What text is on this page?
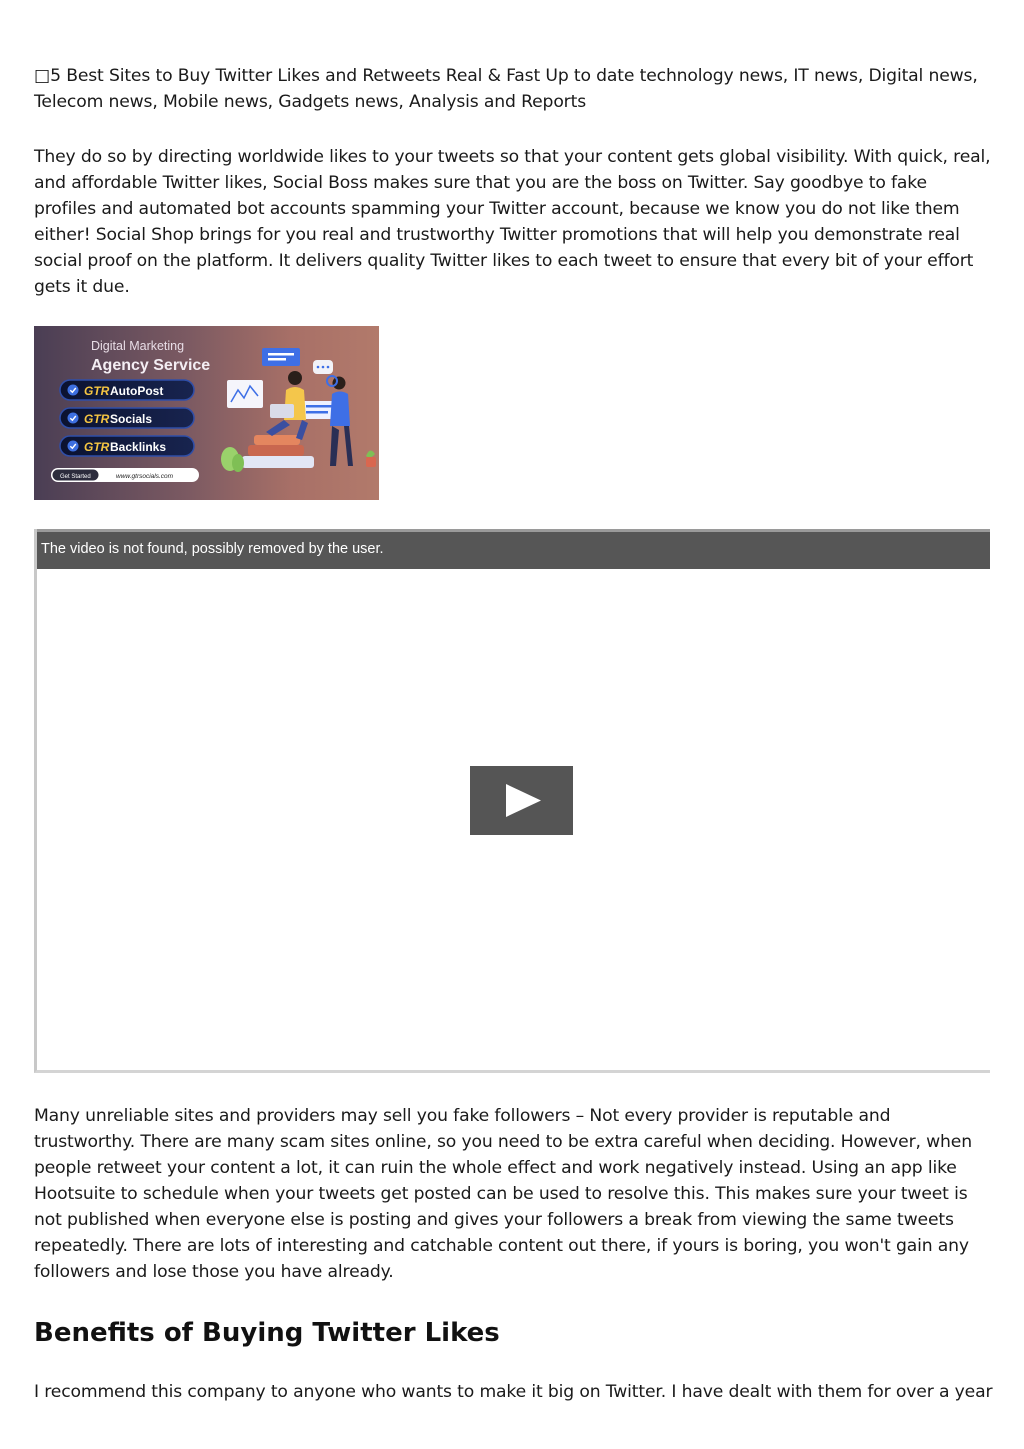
□5 Best Sites to Buy Twitter Likes and Retweets Real & Fast Up to date technology news, IT news, Digital news, Telecom news, Mobile news, Gadgets news, Analysis and Reports

They do so by directing worldwide likes to your tweets so that your content gets global visibility. With quick, real, and affordable Twitter likes, Social Boss makes sure that you are the boss on Twitter. Say goodbye to fake profiles and automated bot accounts spamming your Twitter account, because we know you do not like them either! Social Shop brings for you real and trustworthy Twitter promotions that will help you demonstrate real social proof on the platform. It delivers quality Twitter likes to each tweet to ensure that every bit of your effort gets it due.

Digital Marketing
Agency Service
GTR AutoPost
GTR Socials
GTR Backlinks
Get Started	www.gtrsocials.com
The video is not found, possibly removed by the user.

Many unreliable sites and providers may sell you fake followers – Not every provider is reputable and trustworthy. There are many scam sites online, so you need to be extra careful when deciding. However, when people retweet your content a lot, it can ruin the whole effect and work negatively instead. Using an app like Hootsuite to schedule when your tweets get posted can be used to resolve this. This makes sure your tweet is not published when everyone else is posting and gives your followers a break from viewing the same tweets repeatedly. There are lots of interesting and catchable content out there, if yours is boring, you won't gain any followers and lose those you have already.

Benefits of Buying Twitter Likes

I recommend this company to anyone who wants to make it big on Twitter. I have dealt with them for over a year
